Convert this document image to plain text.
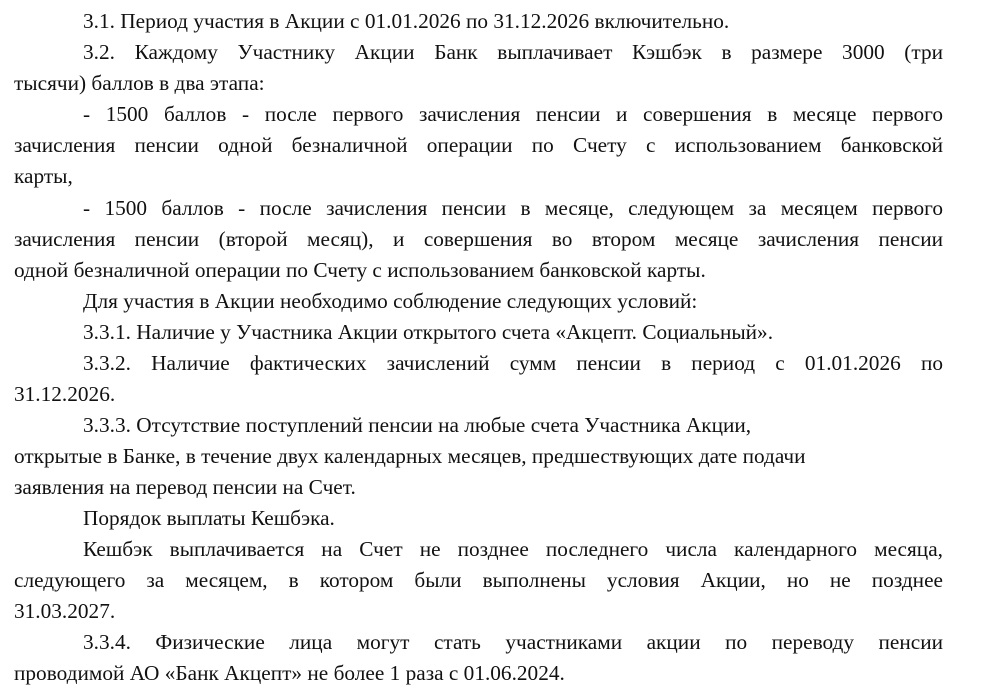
3.1. Период участия в Акции с 01.01.2026 по 31.12.2026 включительно.
3.2. Каждому Участнику Акции Банк выплачивает Кэшбэк в размере 3000 (три
тысячи) баллов в два этапа:
- 1500 баллов - после первого зачисления пенсии и совершения в месяце первого
зачисления пенсии одной безналичной операции по Счету с использованием банковской
карты,
- 1500 баллов - после зачисления пенсии в месяце, следующем за месяцем первого
зачисления пенсии (второй месяц), и совершения во втором месяце зачисления пенсии
одной безналичной операции по Счету с использованием банковской карты.
Для участия в Акции необходимо соблюдение следующих условий:
3.3.1. Наличие у Участника Акции открытого счета «Акцепт. Социальный».
3.3.2. Наличие фактических зачислений сумм пенсии в период с 01.01.2026 по
31.12.2026.
3.3.3. Отсутствие поступлений пенсии на любые счета Участника Акции,
открытые в Банке, в течение двух календарных месяцев, предшествующих дате подачи
заявления на перевод пенсии на Счет.
Порядок выплаты Кешбэка.
Кешбэк выплачивается на Счет не позднее последнего числа календарного месяца,
следующего за месяцем, в котором были выполнены условия Акции, но не позднее
31.03.2027.
3.3.4. Физические лица могут стать участниками акции по переводу пенсии
проводимой АО «Банк Акцепт» не более 1 раза с 01.06.2024.
